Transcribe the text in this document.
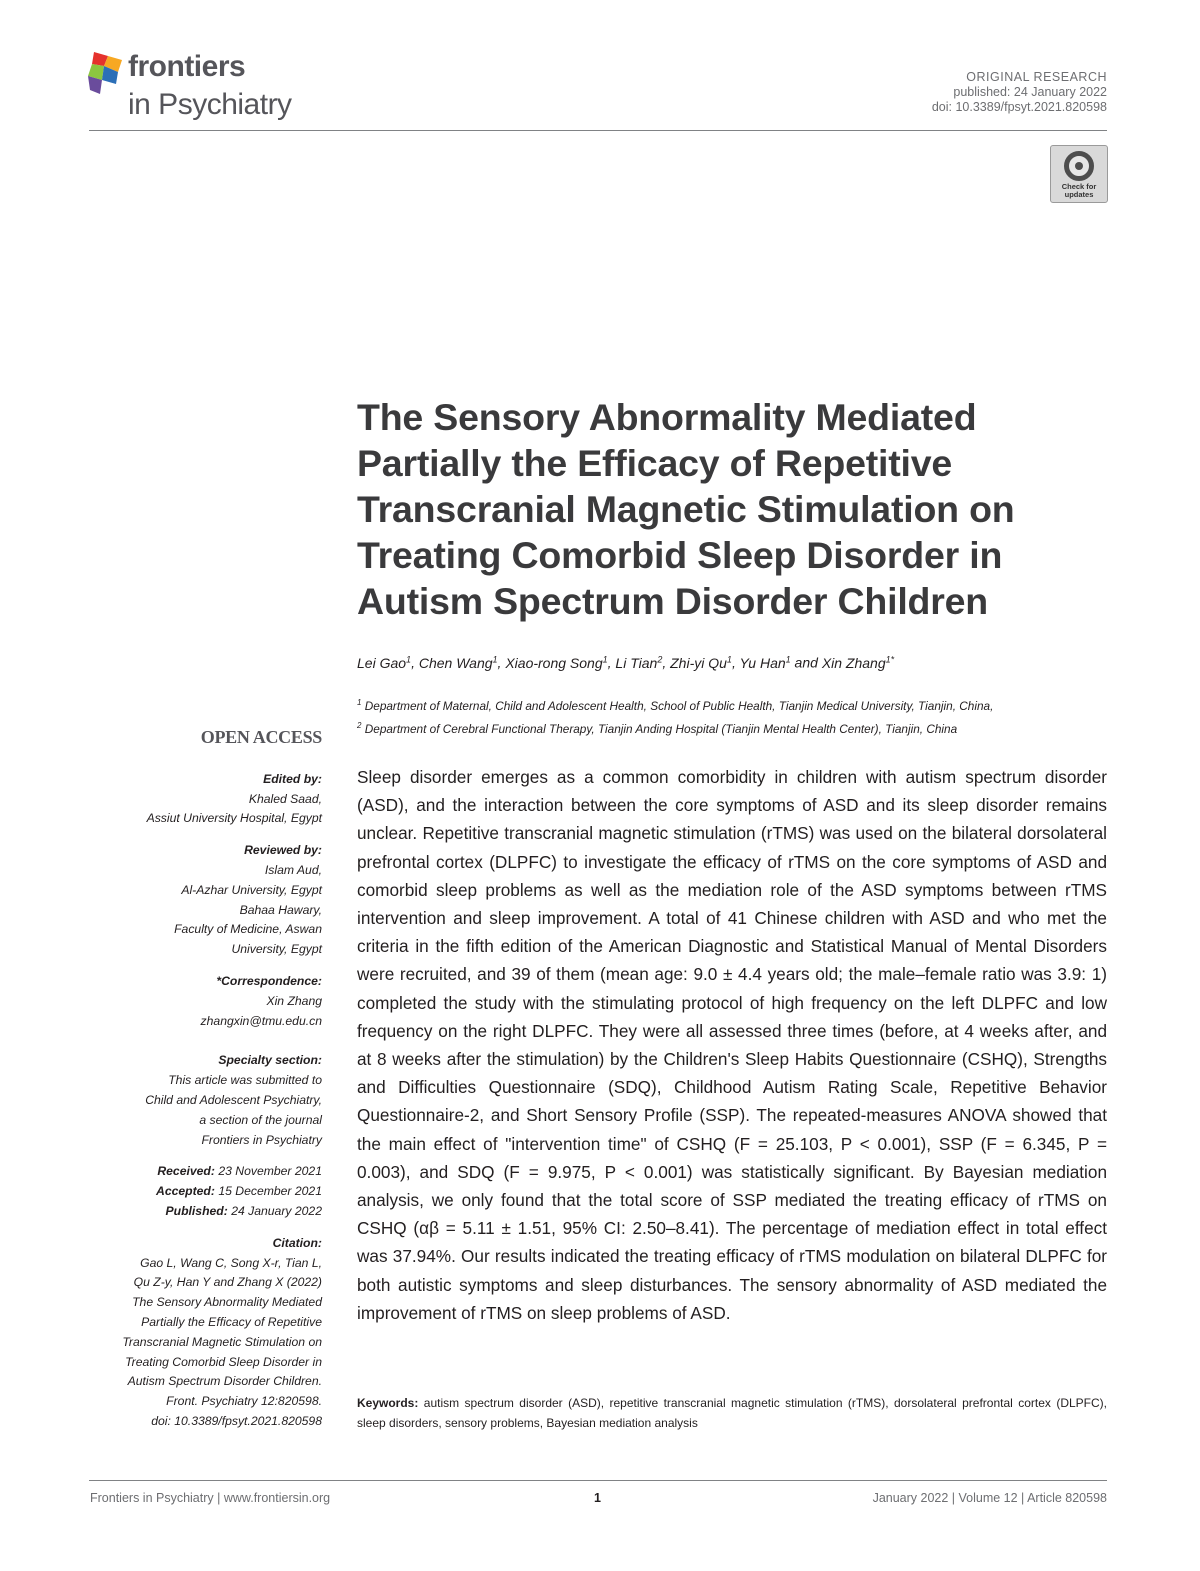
frontiers
in Psychiatry
ORIGINAL RESEARCH
published: 24 January 2022
doi: 10.3389/fpsyt.2021.820598
Check for updates
The Sensory Abnormality Mediated Partially the Efficacy of Repetitive Transcranial Magnetic Stimulation on Treating Comorbid Sleep Disorder in Autism Spectrum Disorder Children
Lei Gao$^1$, Chen Wang$^1$, Xiao-rong Song$^1$, Li Tian$^2$, Zhi-yi Qu$^1$, Yu Han$^1$ and Xin Zhang$^{1*}$
$^1$ Department of Maternal, Child and Adolescent Health, School of Public Health, Tianjin Medical University, Tianjin, China,
$^2$ Department of Cerebral Functional Therapy, Tianjin Anding Hospital (Tianjin Mental Health Center), Tianjin, China
OPEN ACCESS
Edited by:
Khaled Saad,
Assiut University Hospital, Egypt
Reviewed by:
Islam Aud,
Al-Azhar University, Egypt
Bahaa Hawary,
Faculty of Medicine, Aswan
University, Egypt
*Correspondence:
Xin Zhang
zhangxin@tmu.edu.cn
Specialty section:
This article was submitted to
Child and Adolescent Psychiatry,
a section of the journal
Frontiers in Psychiatry
Received: 23 November 2021
Accepted: 15 December 2021
Published: 24 January 2022
Citation:
Gao L, Wang C, Song X-r, Tian L,
Qu Z-y, Han Y and Zhang X (2022)
The Sensory Abnormality Mediated
Partially the Efficacy of Repetitive
Transcranial Magnetic Stimulation on
Treating Comorbid Sleep Disorder in
Autism Spectrum Disorder Children.
Front. Psychiatry 12:820598.
doi: 10.3389/fpsyt.2021.820598

Sleep disorder emerges as a common comorbidity in children with autism spectrum disorder (ASD), and the interaction between the core symptoms of ASD and its sleep disorder remains unclear. Repetitive transcranial magnetic stimulation (rTMS) was used on the bilateral dorsolateral prefrontal cortex (DLPFC) to investigate the efficacy of rTMS on the core symptoms of ASD and comorbid sleep problems as well as the mediation role of the ASD symptoms between rTMS intervention and sleep improvement. A total of 41 Chinese children with ASD and who met the criteria in the fifth edition of the American Diagnostic and Statistical Manual of Mental Disorders were recruited, and 39 of them (mean age: 9.0 ± 4.4 years old; the male–female ratio was 3.9: 1) completed the study with the stimulating protocol of high frequency on the left DLPFC and low frequency on the right DLPFC. They were all assessed three times (before, at 4 weeks after, and at 8 weeks after the stimulation) by the Children's Sleep Habits Questionnaire (CSHQ), Strengths and Difficulties Questionnaire (SDQ), Childhood Autism Rating Scale, Repetitive Behavior Questionnaire-2, and Short Sensory Profile (SSP). The repeated-measures ANOVA showed that the main effect of "intervention time" of CSHQ (F = 25.103, P < 0.001), SSP (F = 6.345, P = 0.003), and SDQ (F = 9.975, P < 0.001) was statistically significant. By Bayesian mediation analysis, we only found that the total score of SSP mediated the treating efficacy of rTMS on CSHQ (αβ = 5.11 ± 1.51, 95% CI: 2.50–8.41). The percentage of mediation effect in total effect was 37.94%. Our results indicated the treating efficacy of rTMS modulation on bilateral DLPFC for both autistic symptoms and sleep disturbances. The sensory abnormality of ASD mediated the improvement of rTMS on sleep problems of ASD.

Keywords: autism spectrum disorder (ASD), repetitive transcranial magnetic stimulation (rTMS), dorsolateral prefrontal cortex (DLPFC), sleep disorders, sensory problems, Bayesian mediation analysis

Frontiers in Psychiatry | www.frontiersin.org	1	January 2022 | Volume 12 | Article 820598
